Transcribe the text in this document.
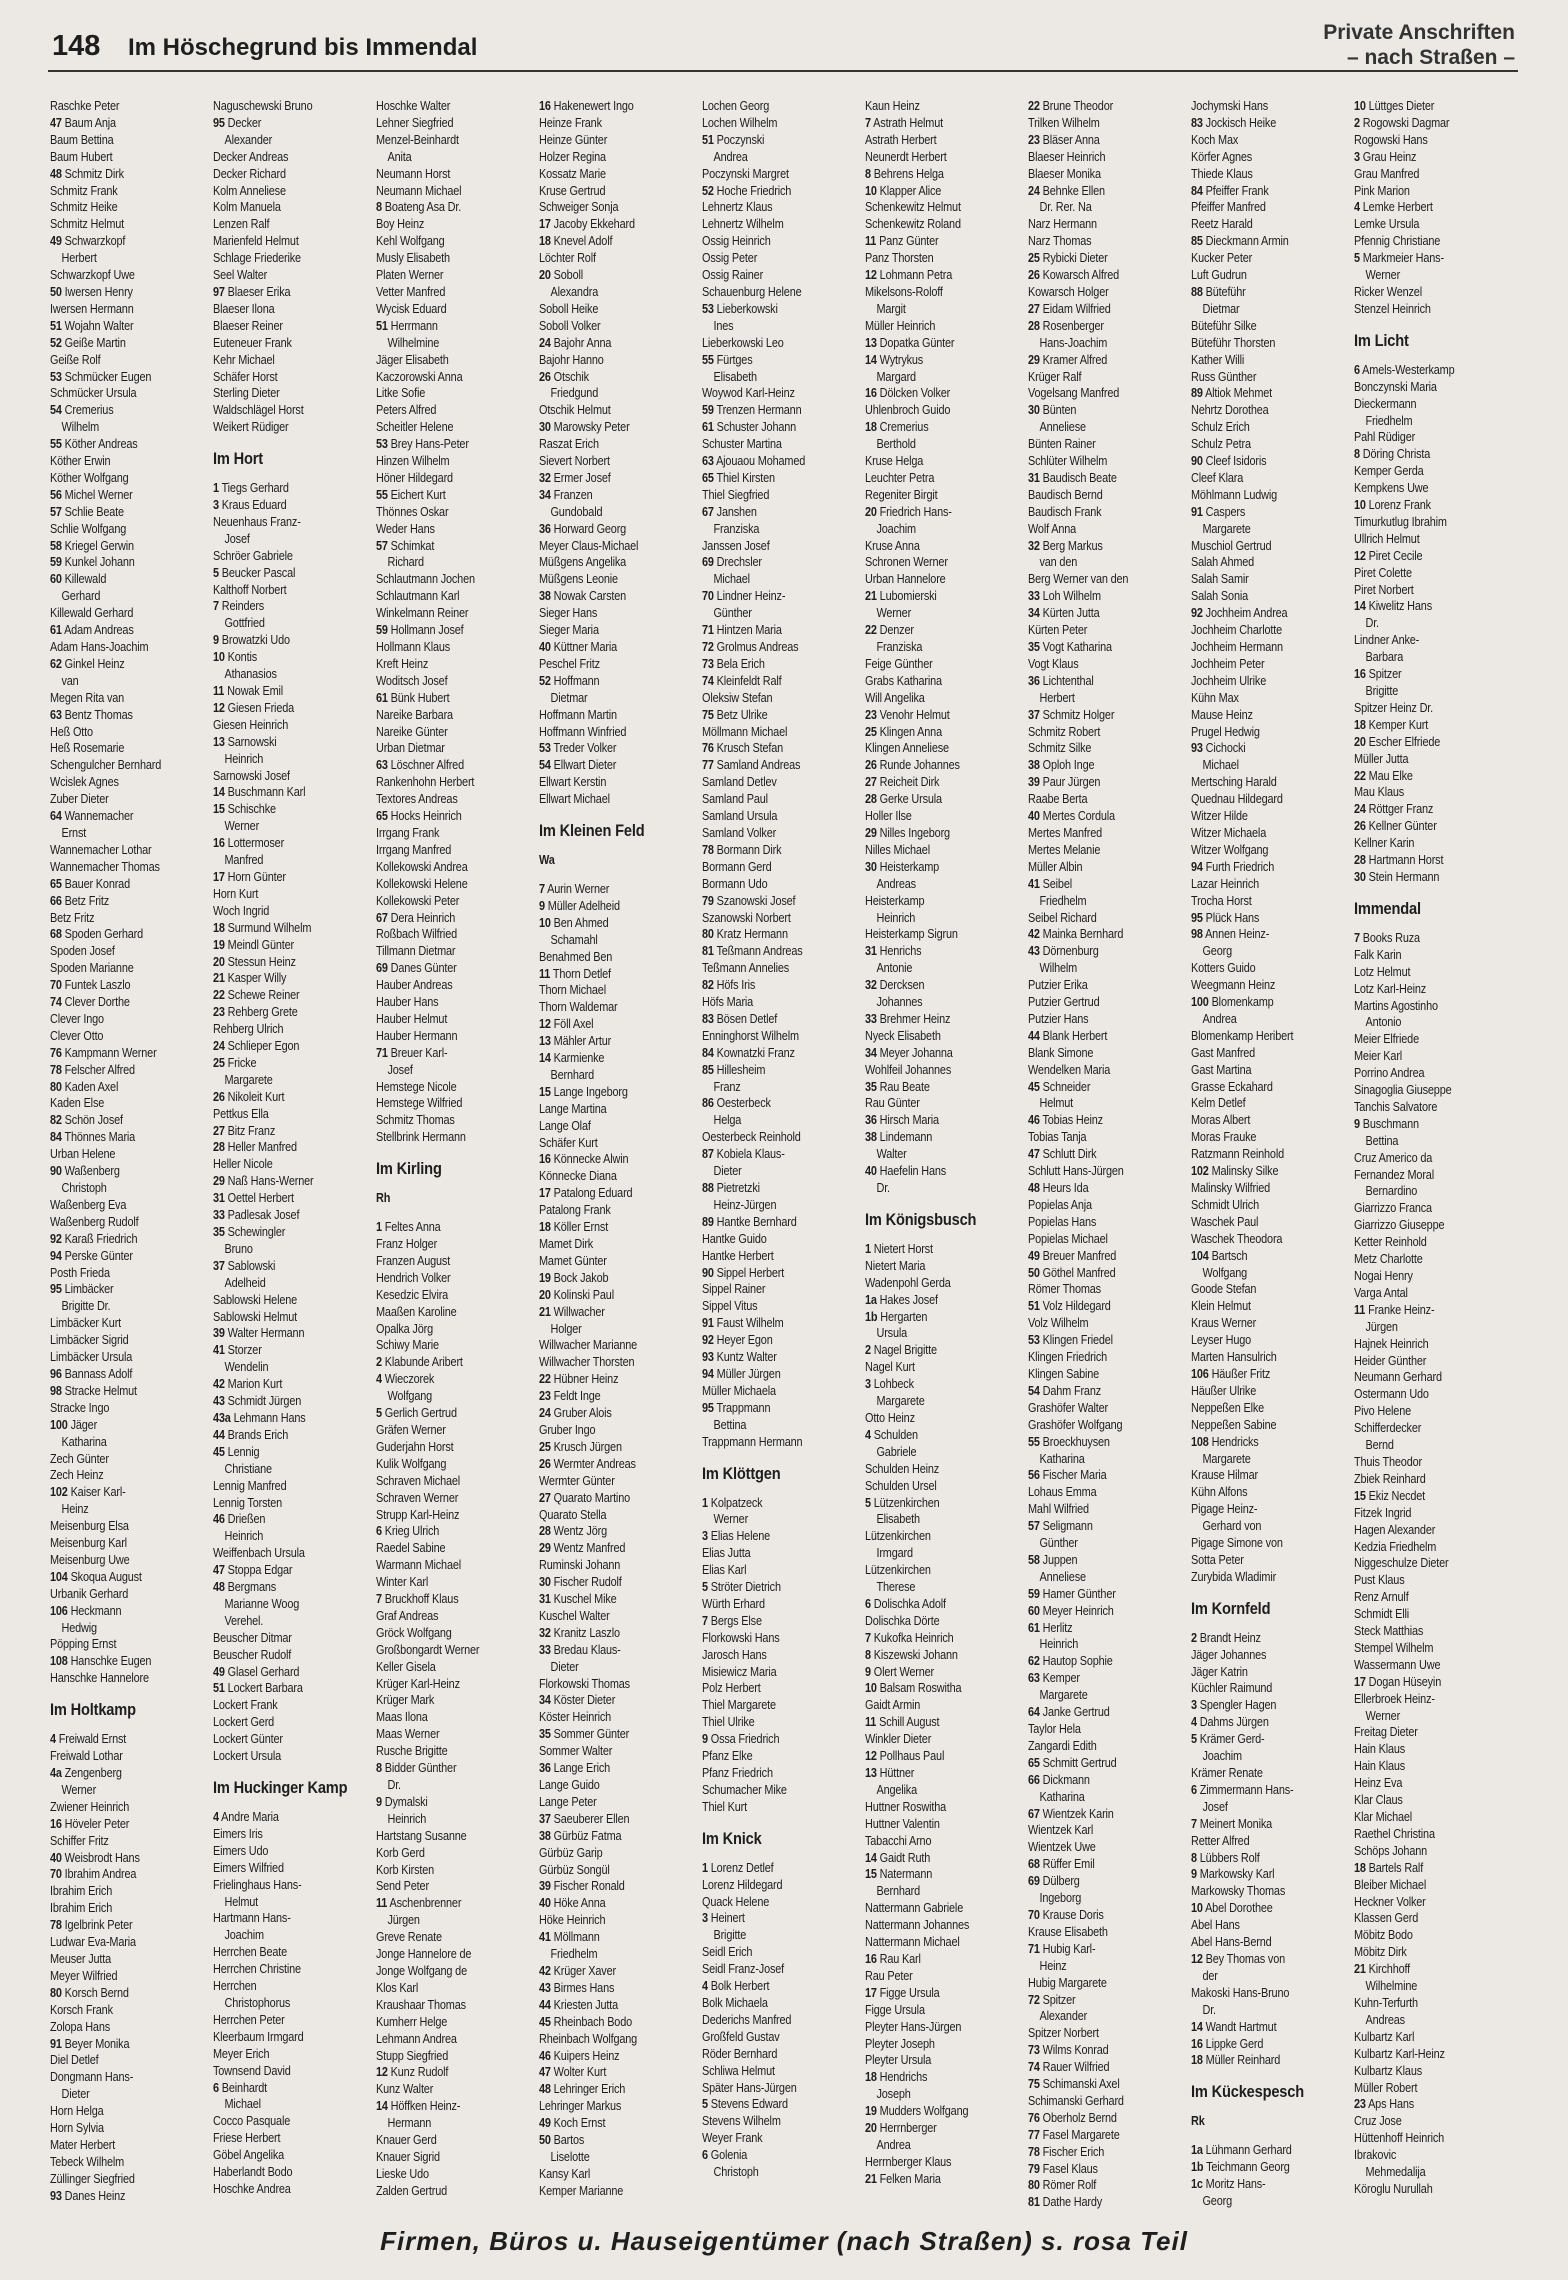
148 Im Höschegrund bis Immendal
Private Anschriften
– nach Straßen –
Raschke Peter
47 Baum Anja
Baum Bettina
Baum Hubert
48 Schmitz Dirk
Schmitz Frank
Schmitz Heike
Schmitz Helmut
49 Schwarzkopf
Herbert
Schwarzkopf Uwe
50 Iwersen Henry
Iwersen Hermann
51 Wojahn Walter
52 Geiße Martin
Geiße Rolf
53 Schmücker Eugen
Schmücker Ursula
54 Cremerius
Wilhelm
55 Köther Andreas
Köther Erwin
Köther Wolfgang
56 Michel Werner
57 Schlie Beate
Schlie Wolfgang
58 Kriegel Gerwin
59 Kunkel Johann
60 Killewald
Gerhard
Killewald Gerhard
61 Adam Andreas
Adam Hans-Joachim
62 Ginkel Heinz
van
Megen Rita van
63 Bentz Thomas
Heß Otto
Heß Rosemarie
Schengulcher Bernhard
Wcislek Agnes
Zuber Dieter
64 Wannemacher
Ernst
Wannemacher Lothar
Wannemacher Thomas
65 Bauer Konrad
66 Betz Fritz
Betz Fritz
68 Spoden Gerhard
Spoden Josef
Spoden Marianne
70 Funtek Laszlo
74 Clever Dorthe
Clever Ingo
Clever Otto
76 Kampmann Werner
78 Felscher Alfred
80 Kaden Axel
Kaden Else
82 Schön Josef
84 Thönnes Maria
Urban Helene
90 Waßenberg
Christoph
Waßenberg Eva
Waßenberg Rudolf
92 Karaß Friedrich
94 Perske Günter
Posth Frieda
95 Limbäcker
Brigitte Dr.
Limbäcker Kurt
Limbäcker Sigrid
Limbäcker Ursula
96 Bannass Adolf
98 Stracke Helmut
Stracke Ingo
100 Jäger
Katharina
Zech Günter
Zech Heinz
102 Kaiser Karl-
Heinz
Meisenburg Elsa
Meisenburg Karl
Meisenburg Uwe
104 Skoqua August
Urbanik Gerhard
106 Heckmann
Hedwig
Pöpping Ernst
108 Hanschke Eugen
Hanschke Hannelore
Im Holtkamp
4 Freiwald Ernst
Freiwald Lothar
4a Zengenberg
Werner
Zwiener Heinrich
16 Höveler Peter
Schiffer Fritz
40 Weisbrodt Hans
70 Ibrahim Andrea
Ibrahim Erich
Ibrahim Erich
78 Igelbrink Peter
Ludwar Eva-Maria
Meuser Jutta
Meyer Wilfried
80 Korsch Bernd
Korsch Frank
Zolopa Hans
91 Beyer Monika
Diel Detlef
Dongmann Hans-
Dieter
Horn Helga
Horn Sylvia
Mater Herbert
Tebeck Wilhelm
Züllinger Siegfried
93 Danes Heinz
Naguschewski Bruno
95 Decker
Alexander
Decker Andreas
Decker Richard
Kolm Anneliese
Kolm Manuela
Lenzen Ralf
Marienfeld Helmut
Schlage Friederike
Seel Walter
97 Blaeser Erika
Blaeser Ilona
Blaeser Reiner
Euteneuer Frank
Kehr Michael
Schäfer Horst
Sterling Dieter
Waldschlägel Horst
Weikert Rüdiger
Im Hort
1 Tiegs Gerhard
3 Kraus Eduard
Neuenhaus Franz-
Josef
Schröer Gabriele
5 Beucker Pascal
Kalthoff Norbert
7 Reinders
Gottfried
9 Browatzki Udo
10 Kontis
Athanasios
11 Nowak Emil
12 Giesen Frieda
Giesen Heinrich
13 Sarnowski
Heinrich
Sarnowski Josef
14 Buschmann Karl
15 Schischke
Werner
16 Lottermoser
Manfred
17 Horn Günter
Horn Kurt
Woch Ingrid
18 Surmund Wilhelm
19 Meindl Günter
20 Stessun Heinz
21 Kasper Willy
22 Schewe Reiner
23 Rehberg Grete
Rehberg Ulrich
24 Schlieper Egon
25 Fricke
Margarete
26 Nikoleit Kurt
Pettkus Ella
27 Bitz Franz
28 Heller Manfred
Heller Nicole
29 Naß Hans-Werner
31 Oettel Herbert
33 Padlesak Josef
35 Schewingler
Bruno
37 Sablowski
Adelheid
Sablowski Helene
Sablowski Helmut
39 Walter Hermann
41 Storzer
Wendelin
42 Marion Kurt
43 Schmidt Jürgen
43a Lehmann Hans
44 Brands Erich
45 Lennig
Christiane
Lennig Manfred
Lennig Torsten
46 Drießen
Heinrich
Weiffenbach Ursula
47 Stoppa Edgar
48 Bergmans
Marianne Woog
Verehel.
Beuscher Ditmar
Beuscher Rudolf
49 Glasel Gerhard
51 Lockert Barbara
Lockert Frank
Lockert Gerd
Lockert Günter
Lockert Ursula
Im Huckinger Kamp
4 Andre Maria
Eimers Iris
Eimers Udo
Eimers Wilfried
Frielinghaus Hans-
Helmut
Hartmann Hans-
Joachim
Herrchen Beate
Herrchen Christine
Herrchen
Christophorus
Herrchen Peter
Kleerbaum Irmgard
Meyer Erich
Townsend David
6 Beinhardt
Michael
Cocco Pasquale
Friese Herbert
Göbel Angelika
Haberlandt Bodo
Hoschke Andrea
Hoschke Walter
Lehner Siegfried
Menzel-Beinhardt
Anita
Neumann Horst
Neumann Michael
8 Boateng Asa Dr.
Boy Heinz
Kehl Wolfgang
Musly Elisabeth
Platen Werner
Vetter Manfred
Wycisk Eduard
51 Herrmann
Wilhelmine
Jäger Elisabeth
Kaczorowski Anna
Litke Sofie
Peters Alfred
Scheitler Helene
53 Brey Hans-Peter
Hinzen Wilhelm
Höner Hildegard
55 Eichert Kurt
Thönnes Oskar
Weder Hans
57 Schimkat
Richard
Schlautmann Jochen
Schlautmann Karl
Winkelmann Reiner
59 Hollmann Josef
Hollmann Klaus
Kreft Heinz
Woditsch Josef
61 Bünk Hubert
Nareike Barbara
Nareike Günter
Urban Dietmar
63 Löschner Alfred
Rankenhohn Herbert
Textores Andreas
65 Hocks Heinrich
Irrgang Frank
Irrgang Manfred
Kollekowski Andrea
Kollekowski Helene
Kollekowski Peter
67 Dera Heinrich
Roßbach Wilfried
Tillmann Dietmar
69 Danes Günter
Hauber Andreas
Hauber Hans
Hauber Helmut
Hauber Hermann
71 Breuer Karl-
Josef
Hemstege Nicole
Hemstege Wilfried
Schmitz Thomas
Stellbrink Hermann
Im Kirling
Rh
1 Feltes Anna
Franz Holger
Franzen August
Hendrich Volker
Kesedzic Elvira
Maaßen Karoline
Opalka Jörg
Schiwy Marie
2 Klabunde Aribert
4 Wieczorek
Wolfgang
5 Gerlich Gertrud
Gräfen Werner
Guderjahn Horst
Kulik Wolfgang
Schraven Michael
Schraven Werner
Strupp Karl-Heinz
6 Krieg Ulrich
Raedel Sabine
Warmann Michael
Winter Karl
7 Bruckhoff Klaus
Graf Andreas
Gröck Wolfgang
Großbongardt Werner
Keller Gisela
Krüger Karl-Heinz
Krüger Mark
Maas Ilona
Maas Werner
Rusche Brigitte
8 Bidder Günther
Dr.
9 Dymalski
Heinrich
Hartstang Susanne
Korb Gerd
Korb Kirsten
Send Peter
11 Aschenbrenner
Jürgen
Greve Renate
Jonge Hannelore de
Jonge Wolfgang de
Klos Karl
Kraushaar Thomas
Kumherr Helge
Lehmann Andrea
Stupp Siegfried
12 Kunz Rudolf
Kunz Walter
14 Höffken Heinz-
Hermann
Knauer Gerd
Knauer Sigrid
Lieske Udo
Zalden Gertrud
16 Hakenewert Ingo
Heinze Frank
Heinze Günter
Holzer Regina
Kossatz Marie
Kruse Gertrud
Schweiger Sonja
17 Jacoby Ekkehard
18 Knevel Adolf
Löchter Rolf
20 Soboll
Alexandra
Soboll Heike
Soboll Volker
24 Bajohr Anna
Bajohr Hanno
26 Otschik
Friedgund
Otschik Helmut
30 Marowsky Peter
Raszat Erich
Sievert Norbert
32 Ermer Josef
34 Franzen
Gundobald
36 Horward Georg
Meyer Claus-Michael
Müßgens Angelika
Müßgens Leonie
38 Nowak Carsten
Sieger Hans
Sieger Maria
40 Küttner Maria
Peschel Fritz
52 Hoffmann
Dietmar
Hoffmann Martin
Hoffmann Winfried
53 Treder Volker
54 Ellwart Dieter
Ellwart Kerstin
Ellwart Michael
Im Kleinen Feld
Wa
7 Aurin Werner
9 Müller Adelheid
10 Ben Ahmed
Schamahl
Benahmed Ben
11 Thorn Detlef
Thorn Michael
Thorn Waldemar
12 Föll Axel
13 Mähler Artur
14 Karmienke
Bernhard
15 Lange Ingeborg
Lange Martina
Lange Olaf
Schäfer Kurt
16 Könnecke Alwin
Könnecke Diana
17 Patalong Eduard
Patalong Frank
18 Köller Ernst
Mamet Dirk
Mamet Günter
19 Bock Jakob
20 Kolinski Paul
21 Willwacher
Holger
Willwacher Marianne
Willwacher Thorsten
22 Hübner Heinz
23 Feldt Inge
24 Gruber Alois
Gruber Ingo
25 Krusch Jürgen
26 Wermter Andreas
Wermter Günter
27 Quarato Martino
Quarato Stella
28 Wentz Jörg
29 Wentz Manfred
Ruminski Johann
30 Fischer Rudolf
31 Kuschel Mike
Kuschel Walter
32 Kranitz Laszlo
33 Bredau Klaus-
Dieter
Florkowski Thomas
34 Köster Dieter
Köster Heinrich
35 Sommer Günter
Sommer Walter
36 Lange Erich
Lange Guido
Lange Peter
37 Saeuberer Ellen
38 Gürbüz Fatma
Gürbüz Garip
Gürbüz Songül
39 Fischer Ronald
40 Höke Anna
Höke Heinrich
41 Möllmann
Friedhelm
42 Krüger Xaver
43 Birmes Hans
44 Kriesten Jutta
45 Rheinbach Bodo
Rheinbach Wolfgang
46 Kuipers Heinz
47 Wolter Kurt
48 Lehringer Erich
Lehringer Markus
49 Koch Ernst
50 Bartos
Liselotte
Kansy Karl
Kemper Marianne
Lochen Georg
Lochen Wilhelm
51 Poczynski
Andrea
Poczynski Margret
52 Hoche Friedrich
Lehnertz Klaus
Lehnertz Wilhelm
Ossig Heinrich
Ossig Peter
Ossig Rainer
Schauenburg Helene
53 Lieberkowski
Ines
Lieberkowski Leo
55 Fürtges
Elisabeth
Woywod Karl-Heinz
59 Trenzen Hermann
61 Schuster Johann
Schuster Martina
63 Ajouaou Mohamed
65 Thiel Kirsten
Thiel Siegfried
67 Janshen
Franziska
Janssen Josef
69 Drechsler
Michael
70 Lindner Heinz-
Günther
71 Hintzen Maria
72 Grolmus Andreas
73 Bela Erich
74 Kleinfeldt Ralf
Oleksiw Stefan
75 Betz Ulrike
Möllmann Michael
76 Krusch Stefan
77 Samland Andreas
Samland Detlev
Samland Paul
Samland Ursula
Samland Volker
78 Bormann Dirk
Bormann Gerd
Bormann Udo
79 Szanowski Josef
Szanowski Norbert
80 Kratz Hermann
81 Teßmann Andreas
Teßmann Annelies
82 Höfs Iris
Höfs Maria
83 Bösen Detlef
Enninghorst Wilhelm
84 Kownatzki Franz
85 Hillesheim
Franz
86 Oesterbeck
Helga
Oesterbeck Reinhold
87 Kobiela Klaus-
Dieter
88 Pietretzki
Heinz-Jürgen
89 Hantke Bernhard
Hantke Guido
Hantke Herbert
90 Sippel Herbert
Sippel Rainer
Sippel Vitus
91 Faust Wilhelm
92 Heyer Egon
93 Kuntz Walter
94 Müller Jürgen
Müller Michaela
95 Trappmann
Bettina
Trappmann Hermann
Im Klöttgen
1 Kolpatzeck
Werner
3 Elias Helene
Elias Jutta
Elias Karl
5 Ströter Dietrich
Würth Erhard
7 Bergs Else
Florkowski Hans
Jarosch Hans
Misiewicz Maria
Polz Herbert
Thiel Margarete
Thiel Ulrike
9 Ossa Friedrich
Pfanz Elke
Pfanz Friedrich
Schumacher Mike
Thiel Kurt
Im Knick
1 Lorenz Detlef
Lorenz Hildegard
Quack Helene
3 Heinert
Brigitte
Seidl Erich
Seidl Franz-Josef
4 Bolk Herbert
Bolk Michaela
Dederichs Manfred
Großfeld Gustav
Röder Bernhard
Schliwa Helmut
Später Hans-Jürgen
5 Stevens Edward
Stevens Wilhelm
Weyer Frank
6 Golenia
Christoph
Kaun Heinz
7 Astrath Helmut
Astrath Herbert
Neunerdt Herbert
8 Behrens Helga
10 Klapper Alice
Schenkewitz Helmut
Schenkewitz Roland
11 Panz Günter
Panz Thorsten
12 Lohmann Petra
Mikelsons-Roloff
Margit
Müller Heinrich
13 Dopatka Günter
14 Wytrykus
Margard
16 Dölcken Volker
Uhlenbroch Guido
18 Cremerius
Berthold
Kruse Helga
Leuchter Petra
Regeniter Birgit
20 Friedrich Hans-
Joachim
Kruse Anna
Schronen Werner
Urban Hannelore
21 Lubomierski
Werner
22 Denzer
Franziska
Feige Günther
Grabs Katharina
Will Angelika
23 Venohr Helmut
25 Klingen Anna
Klingen Anneliese
26 Runde Johannes
27 Reicheit Dirk
28 Gerke Ursula
Holler Ilse
29 Nilles Ingeborg
Nilles Michael
30 Heisterkamp
Andreas
Heisterkamp
Heinrich
Heisterkamp Sigrun
31 Henrichs
Antonie
32 Dercksen
Johannes
33 Brehmer Heinz
Nyeck Elisabeth
34 Meyer Johanna
Wohlfeil Johannes
35 Rau Beate
Rau Günter
36 Hirsch Maria
38 Lindemann
Walter
40 Haefelin Hans
Dr.
Im Königsbusch
1 Nietert Horst
Nietert Maria
Wadenpohl Gerda
1a Hakes Josef
1b Hergarten
Ursula
2 Nagel Brigitte
Nagel Kurt
3 Lohbeck
Margarete
Otto Heinz
4 Schulden
Gabriele
Schulden Heinz
Schulden Ursel
5 Lützenkirchen
Elisabeth
Lützenkirchen
Irmgard
Lützenkirchen
Therese
6 Dolischka Adolf
Dolischka Dörte
7 Kukofka Heinrich
8 Kiszewski Johann
9 Olert Werner
10 Balsam Roswitha
Gaidt Armin
11 Schill August
Winkler Dieter
12 Pollhaus Paul
13 Hüttner
Angelika
Huttner Roswitha
Huttner Valentin
Tabacchi Arno
14 Gaidt Ruth
15 Natermann
Bernhard
Nattermann Gabriele
Nattermann Johannes
Nattermann Michael
16 Rau Karl
Rau Peter
17 Figge Ursula
Figge Ursula
Pleyter Hans-Jürgen
Pleyter Joseph
Pleyter Ursula
18 Hendrichs
Joseph
19 Mudders Wolfgang
20 Herrnberger
Andrea
Herrnberger Klaus
21 Felken Maria
22 Brune Theodor
Trilken Wilhelm
23 Bläser Anna
Blaeser Heinrich
Blaeser Monika
24 Behnke Ellen
Dr. Rer. Na
Narz Hermann
Narz Thomas
25 Rybicki Dieter
26 Kowarsch Alfred
Kowarsch Holger
27 Eidam Wilfried
28 Rosenberger
Hans-Joachim
29 Kramer Alfred
Krüger Ralf
Vogelsang Manfred
30 Bünten
Anneliese
Bünten Rainer
Schlüter Wilhelm
31 Baudisch Beate
Baudisch Bernd
Baudisch Frank
Wolf Anna
32 Berg Markus
van den
Berg Werner van den
33 Loh Wilhelm
34 Kürten Jutta
Kürten Peter
35 Vogt Katharina
Vogt Klaus
36 Lichtenthal
Herbert
37 Schmitz Holger
Schmitz Robert
Schmitz Silke
38 Oploh Inge
39 Paur Jürgen
Raabe Berta
40 Mertes Cordula
Mertes Manfred
Mertes Melanie
Müller Albin
41 Seibel
Friedhelm
Seibel Richard
42 Mainka Bernhard
43 Dörnenburg
Wilhelm
Putzier Erika
Putzier Gertrud
Putzier Hans
44 Blank Herbert
Blank Simone
Wendelken Maria
45 Schneider
Helmut
46 Tobias Heinz
Tobias Tanja
47 Schlutt Dirk
Schlutt Hans-Jürgen
48 Heurs Ida
Popielas Anja
Popielas Hans
Popielas Michael
49 Breuer Manfred
50 Göthel Manfred
Römer Thomas
51 Volz Hildegard
Volz Wilhelm
53 Klingen Friedel
Klingen Friedrich
Klingen Sabine
54 Dahm Franz
Grashöfer Walter
Grashöfer Wolfgang
55 Broeckhuysen
Katharina
56 Fischer Maria
Lohaus Emma
Mahl Wilfried
57 Seligmann
Günther
58 Juppen
Anneliese
59 Hamer Günther
60 Meyer Heinrich
61 Herlitz
Heinrich
62 Hautop Sophie
63 Kemper
Margarete
64 Janke Gertrud
Taylor Hela
Zangardi Edith
65 Schmitt Gertrud
66 Dickmann
Katharina
67 Wientzek Karin
Wientzek Karl
Wientzek Uwe
68 Rüffer Emil
69 Dülberg
Ingeborg
70 Krause Doris
Krause Elisabeth
71 Hubig Karl-
Heinz
Hubig Margarete
72 Spitzer
Alexander
Spitzer Norbert
73 Wilms Konrad
74 Rauer Wilfried
75 Schimanski Axel
Schimanski Gerhard
76 Oberholz Bernd
77 Fasel Margarete
78 Fischer Erich
79 Fasel Klaus
80 Römer Rolf
81 Dathe Hardy
Jochymski Hans
83 Jockisch Heike
Koch Max
Körfer Agnes
Thiede Klaus
84 Pfeiffer Frank
Pfeiffer Manfred
Reetz Harald
85 Dieckmann Armin
Kucker Peter
Luft Gudrun
88 Büteführ
Dietmar
Büteführ Silke
Büteführ Thorsten
Kather Willi
Russ Günther
89 Altiok Mehmet
Nehrtz Dorothea
Schulz Erich
Schulz Petra
90 Cleef Isidoris
Cleef Klara
Möhlmann Ludwig
91 Caspers
Margarete
Muschiol Gertrud
Salah Ahmed
Salah Samir
Salah Sonia
92 Jochheim Andrea
Jochheim Charlotte
Jochheim Hermann
Jochheim Peter
Jochheim Ulrike
Kühn Max
Mause Heinz
Prugel Hedwig
93 Cichocki
Michael
Mertsching Harald
Quednau Hildegard
Witzer Hilde
Witzer Michaela
Witzer Wolfgang
94 Furth Friedrich
Lazar Heinrich
Trocha Horst
95 Plück Hans
98 Annen Heinz-
Georg
Kotters Guido
Weegmann Heinz
100 Blomenkamp
Andrea
Blomenkamp Heribert
Gast Manfred
Gast Martina
Grasse Eckahard
Kelm Detlef
Moras Albert
Moras Frauke
Ratzmann Reinhold
102 Malinsky Silke
Malinsky Wilfried
Schmidt Ulrich
Waschek Paul
Waschek Theodora
104 Bartsch
Wolfgang
Goode Stefan
Klein Helmut
Kraus Werner
Leyser Hugo
Marten Hansulrich
106 Häußer Fritz
Häußer Ulrike
Neppeßen Elke
Neppeßen Sabine
108 Hendricks
Margarete
Krause Hilmar
Kühn Alfons
Pigage Heinz-
Gerhard von
Pigage Simone von
Sotta Peter
Zurybida Wladimir
Im Kornfeld
2 Brandt Heinz
Jäger Johannes
Jäger Katrin
Küchler Raimund
3 Spengler Hagen
4 Dahms Jürgen
5 Krämer Gerd-
Joachim
Krämer Renate
6 Zimmermann Hans-
Josef
7 Meinert Monika
Retter Alfred
8 Lübbers Rolf
9 Markowsky Karl
Markowsky Thomas
10 Abel Dorothee
Abel Hans
Abel Hans-Bernd
12 Bey Thomas von
der
Makoski Hans-Bruno
Dr.
14 Wandt Hartmut
16 Lippke Gerd
18 Müller Reinhard
Im Kückespesch
Rk
1a Lühmann Gerhard
1b Teichmann Georg
1c Moritz Hans-
Georg
10 Lüttges Dieter
2 Rogowski Dagmar
Rogowski Hans
3 Grau Heinz
Grau Manfred
Pink Marion
4 Lemke Herbert
Lemke Ursula
Pfennig Christiane
5 Markmeier Hans-
Werner
Ricker Wenzel
Stenzel Heinrich
Im Licht
6 Amels-Westerkamp
Bonczynski Maria
Dieckermann
Friedhelm
Pahl Rüdiger
8 Döring Christa
Kemper Gerda
Kempkens Uwe
10 Lorenz Frank
Timurkutlug Ibrahim
Ullrich Helmut
12 Piret Cecile
Piret Colette
Piret Norbert
14 Kiwelitz Hans
Dr.
Lindner Anke-
Barbara
16 Spitzer
Brigitte
Spitzer Heinz Dr.
18 Kemper Kurt
20 Escher Elfriede
Müller Jutta
22 Mau Elke
Mau Klaus
24 Röttger Franz
26 Kellner Günter
Kellner Karin
28 Hartmann Horst
30 Stein Hermann
Immendal
7 Books Ruza
Falk Karin
Lotz Helmut
Lotz Karl-Heinz
Martins Agostinho
Antonio
Meier Elfriede
Meier Karl
Porrino Andrea
Sinagoglia Giuseppe
Tanchis Salvatore
9 Buschmann
Bettina
Cruz Americo da
Fernandez Moral
Bernardino
Giarrizzo Franca
Giarrizzo Giuseppe
Ketter Reinhold
Metz Charlotte
Nogai Henry
Varga Antal
11 Franke Heinz-
Jürgen
Hajnek Heinrich
Heider Günther
Neumann Gerhard
Ostermann Udo
Pivo Helene
Schifferdecker
Bernd
Thuis Theodor
Zbiek Reinhard
15 Ekiz Necdet
Fitzek Ingrid
Hagen Alexander
Kedzia Friedhelm
Niggeschulze Dieter
Pust Klaus
Renz Arnulf
Schmidt Elli
Steck Matthias
Stempel Wilhelm
Wassermann Uwe
17 Dogan Hüseyin
Ellerbroek Heinz-
Werner
Freitag Dieter
Hain Klaus
Hain Klaus
Heinz Eva
Klar Claus
Klar Michael
Raethel Christina
Schöps Johann
18 Bartels Ralf
Bleiber Michael
Heckner Volker
Klassen Gerd
Möbitz Bodo
Möbitz Dirk
21 Kirchhoff
Wilhelmine
Kuhn-Terfurth
Andreas
Kulbartz Karl
Kulbartz Karl-Heinz
Kulbartz Klaus
Müller Robert
23 Aps Hans
Cruz Jose
Hüttenhoff Heinrich
Ibrakovic
Mehmedalija
Köroglu Nurullah
Firmen, Büros u. Hauseigentümer (nach Straßen) s. rosa Teil
